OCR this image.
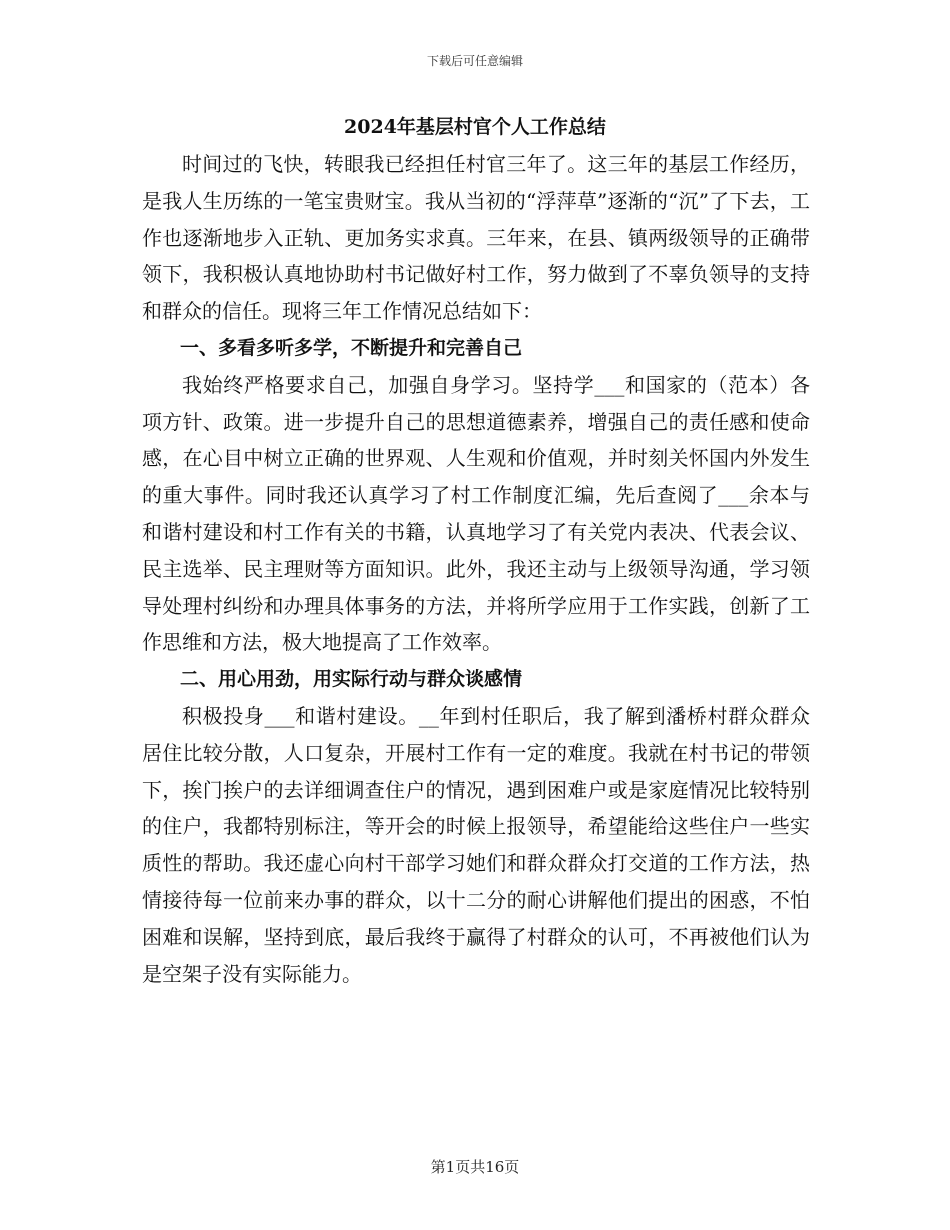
下载后可任意编辑
2024年基层村官个人工作总结

时间过的飞快，转眼我已经担任村官三年了。这三年的基层工作经历，是我人生历练的一笔宝贵财宝。我从当初的“浮萍草”逐渐的“沉”了下去，工作也逐渐地步入正轨、更加务实求真。三年来，在县、镇两级领导的正确带领下，我积极认真地协助村书记做好村工作，努力做到了不辜负领导的支持和群众的信任。现将三年工作情况总结如下：

一、多看多听多学，不断提升和完善自己

我始终严格要求自己，加强自身学习。坚持学___和国家的（范本）各项方针、政策。进一步提升自己的思想道德素养，增强自己的责任感和使命感，在心目中树立正确的世界观、人生观和价值观，并时刻关怀国内外发生的重大事件。同时我还认真学习了村工作制度汇编，先后查阅了___余本与和谐村建设和村工作有关的书籍，认真地学习了有关党内表决、代表会议、民主选举、民主理财等方面知识。此外，我还主动与上级领导沟通，学习领导处理村纠纷和办理具体事务的方法，并将所学应用于工作实践，创新了工作思维和方法，极大地提高了工作效率。

二、用心用劲，用实际行动与群众谈感情

积极投身___和谐村建设。__年到村任职后，我了解到潘桥村群众群众居住比较分散，人口复杂，开展村工作有一定的难度。我就在村书记的带领下，挨门挨户的去详细调查住户的情况，遇到困难户或是家庭情况比较特别的住户，我都特别标注，等开会的时候上报领导，希望能给这些住户一些实质性的帮助。我还虚心向村干部学习她们和群众群众打交道的工作方法，热情接待每一位前来办事的群众，以十二分的耐心讲解他们提出的困惑，不怕困难和误解，坚持到底，最后我终于赢得了村群众的认可，不再被他们认为是空架子没有实际能力。

第1页共16页
